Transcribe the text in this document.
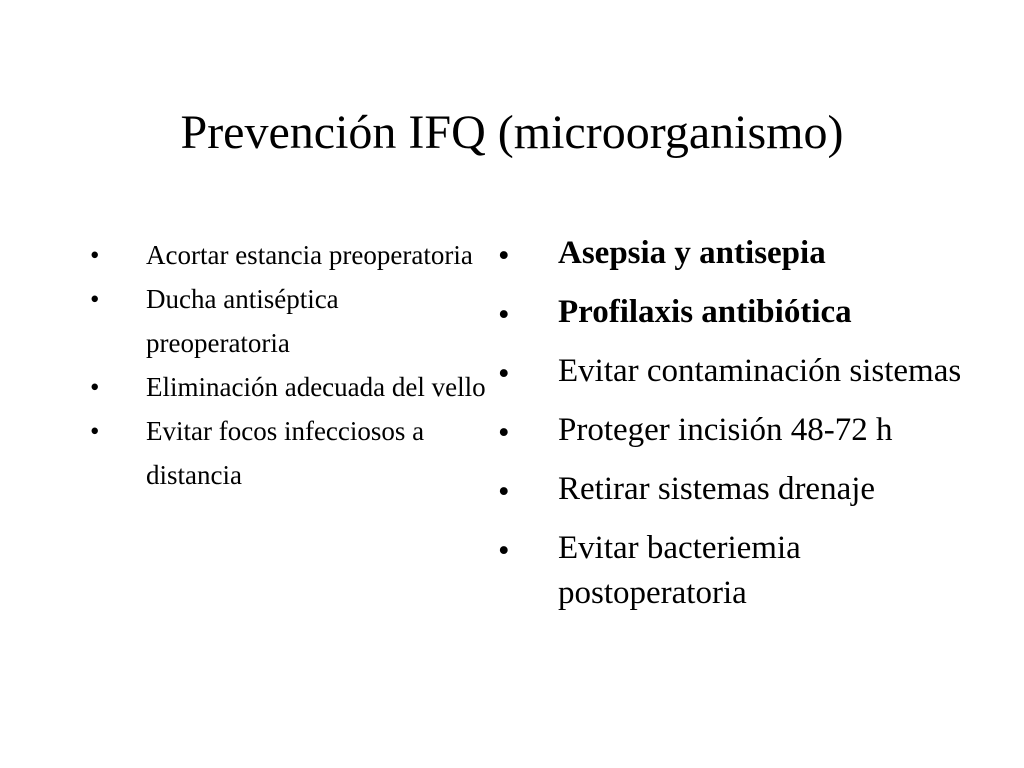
Prevención IFQ (microorganismo)
•	Acortar estancia preoperatoria
•	Ducha antiséptica preoperatoria
•	Eliminación adecuada del vello
•	Evitar focos infecciosos a distancia
•	Asepsia y antisepia
•	Profilaxis antibiótica
•	Evitar contaminación sistemas
•	Proteger incisión 48-72 h
•	Retirar sistemas drenaje
•	Evitar bacteriemia postoperatoria
